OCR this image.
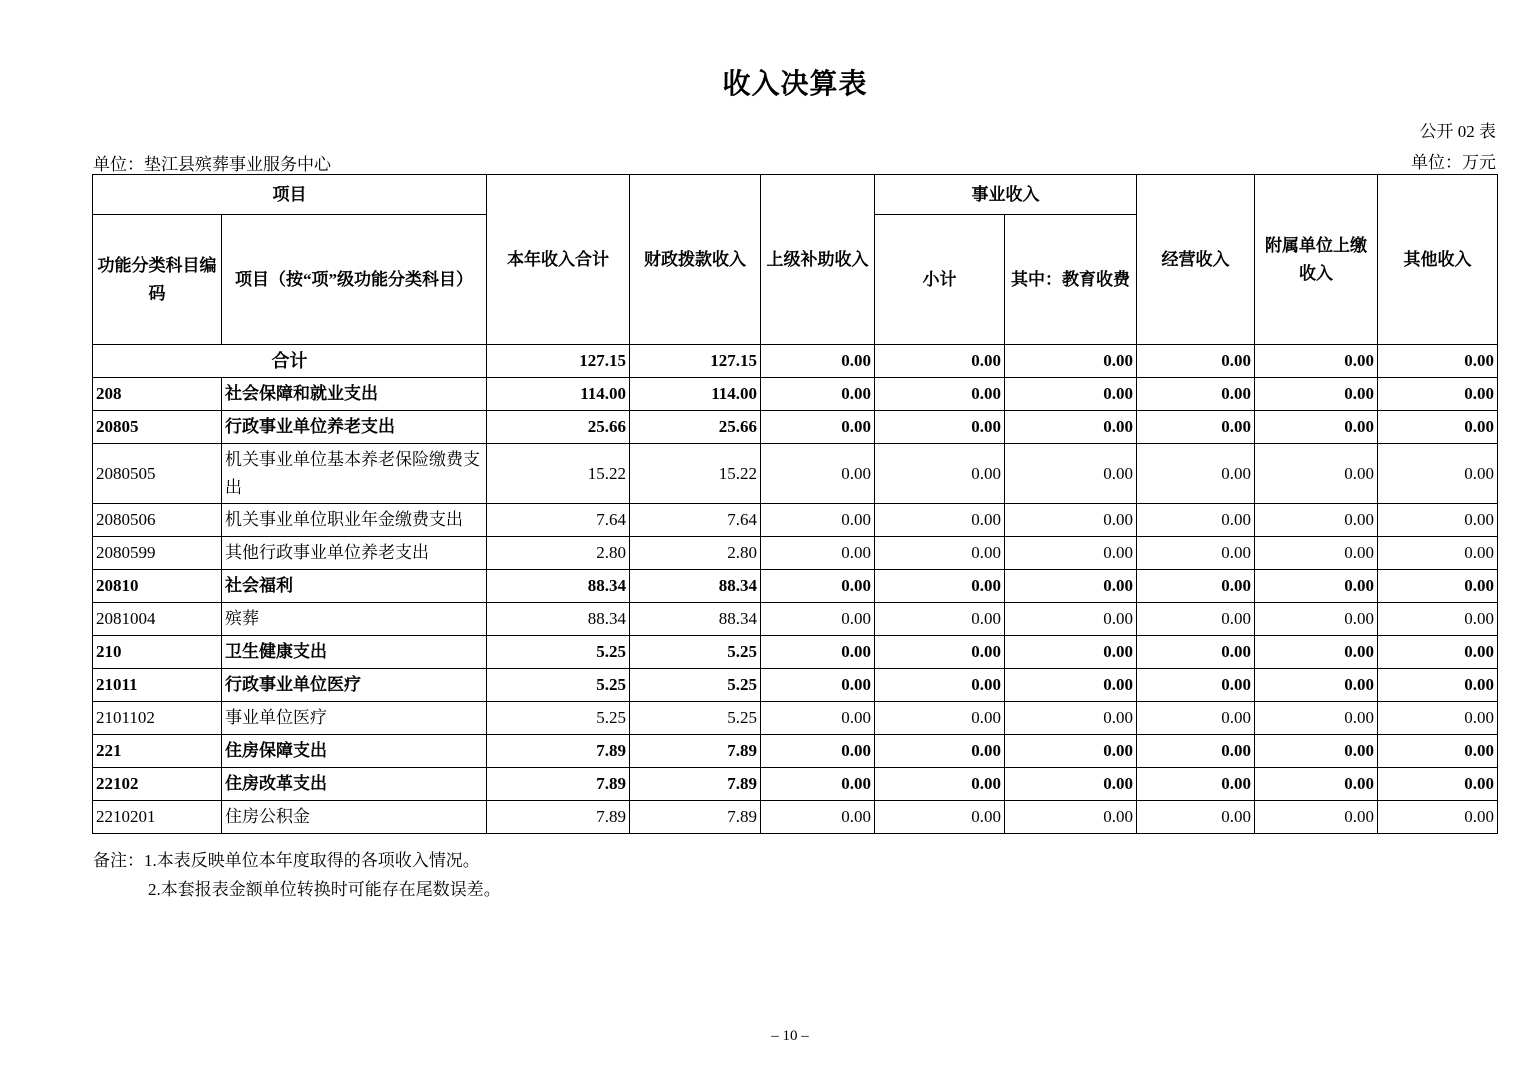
收入决算表
公开 02 表
单位：垫江县殡葬事业服务中心	单位：万元
项目		本年收入合计	财政拨款收入	上级补助收入	事业收入		经营收入	附属单位上缴收入	其他收入
功能分类科目编码	项目（按“项”级功能分类科目）				小计	其中：教育收费			
合计		127.15	127.15	0.00	0.00	0.00	0.00	0.00	0.00
208	社会保障和就业支出	114.00	114.00	0.00	0.00	0.00	0.00	0.00	0.00
20805	行政事业单位养老支出	25.66	25.66	0.00	0.00	0.00	0.00	0.00	0.00
2080505	机关事业单位基本养老保险缴费支出	15.22	15.22	0.00	0.00	0.00	0.00	0.00	0.00
2080506	机关事业单位职业年金缴费支出	7.64	7.64	0.00	0.00	0.00	0.00	0.00	0.00
2080599	其他行政事业单位养老支出	2.80	2.80	0.00	0.00	0.00	0.00	0.00	0.00
20810	社会福利	88.34	88.34	0.00	0.00	0.00	0.00	0.00	0.00
2081004	殡葬	88.34	88.34	0.00	0.00	0.00	0.00	0.00	0.00
210	卫生健康支出	5.25	5.25	0.00	0.00	0.00	0.00	0.00	0.00
21011	行政事业单位医疗	5.25	5.25	0.00	0.00	0.00	0.00	0.00	0.00
2101102	事业单位医疗	5.25	5.25	0.00	0.00	0.00	0.00	0.00	0.00
221	住房保障支出	7.89	7.89	0.00	0.00	0.00	0.00	0.00	0.00
22102	住房改革支出	7.89	7.89	0.00	0.00	0.00	0.00	0.00	0.00
2210201	住房公积金	7.89	7.89	0.00	0.00	0.00	0.00	0.00	0.00
备注：1.本表反映单位本年度取得的各项收入情况。
2.本套报表金额单位转换时可能存在尾数误差。
– 10 –
